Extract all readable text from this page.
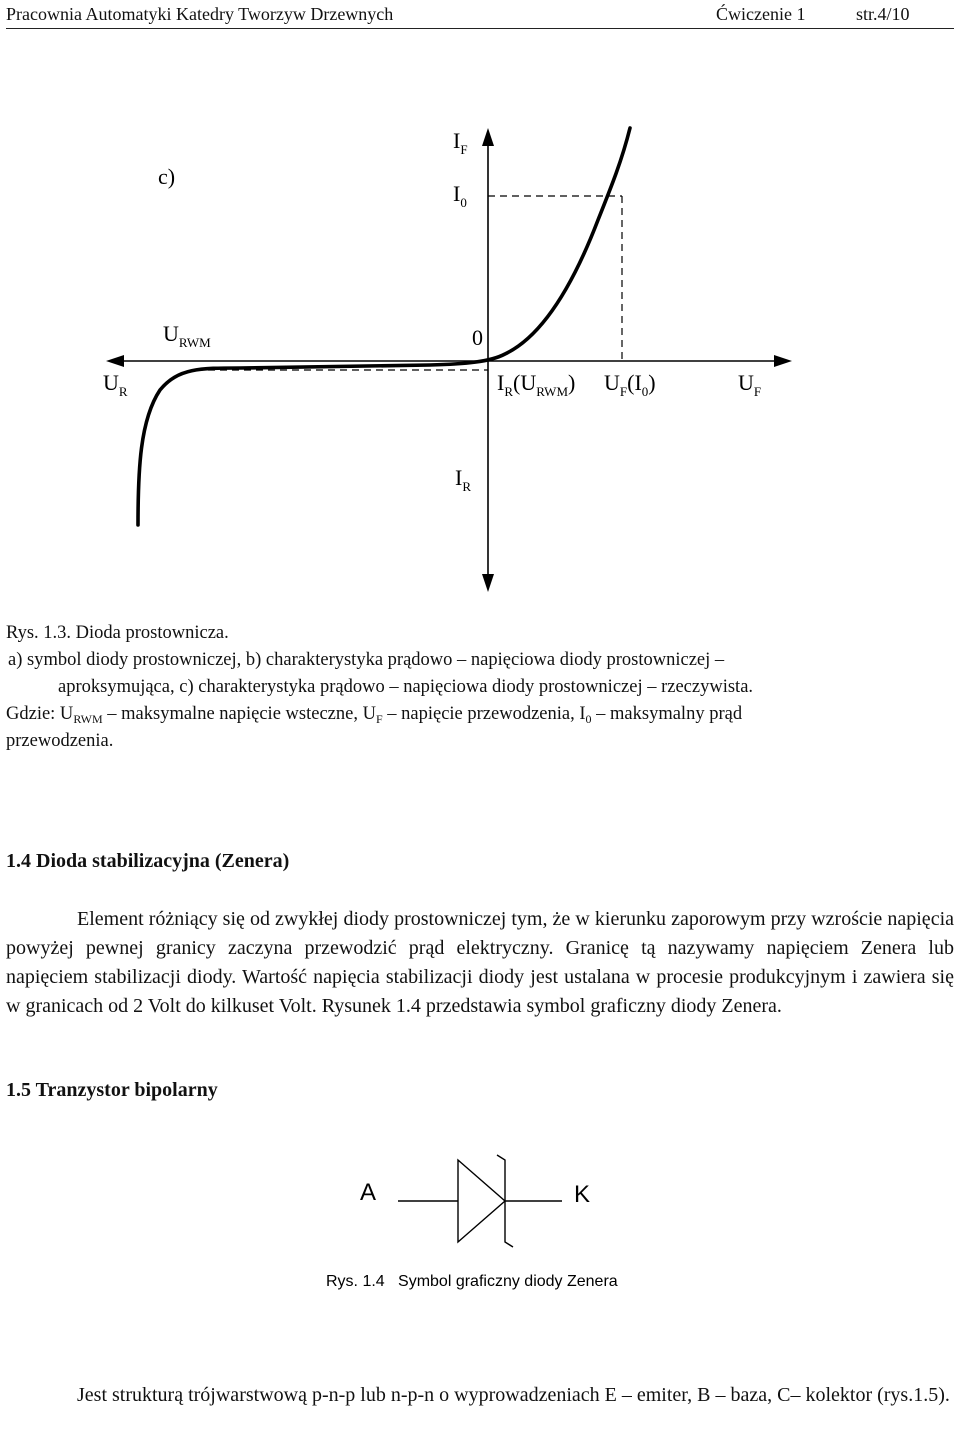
Pracownia Automatyki Katedry Tworzyw Drzewnych	Ćwiczenie 1	str.4/10
c)
$I_F$
$I_0$
$U_{RWM}$	0
$U_R$	$I_R(U_{RWM})$ $U_F(I_0)$	$U_F$
$I_R$
Rys. 1.3. Dioda prostownicza.
a) symbol diody prostowniczej, b) charakterystyka prądowo – napięciowa diody prostowniczej –
aproksymująca, c) charakterystyka prądowo – napięciowa diody prostowniczej – rzeczywista.
Gdzie: $U_{RWM}$ – maksymalne napięcie wsteczne, $U_F$ – napięcie przewodzenia, $I_0$ – maksymalny prąd
przewodzenia.
1.4 Dioda stabilizacyjna (Zenera)
Element różniący się od zwykłej diody prostowniczej tym, że w kierunku zaporowym przy wzroście napięcia powyżej pewnej granicy zaczyna przewodzić prąd elektryczny. Granicę tą nazywamy napięciem Zenera lub napięciem stabilizacji diody. Wartość napięcia stabilizacji diody jest ustalana w procesie produkcyjnym i zawiera się w granicach od 2 Volt do kilkuset Volt. Rysunek 1.4 przedstawia symbol graficzny diody Zenera.
1.5 Tranzystor bipolarny
A	K
Rys. 1.4   Symbol graficzny diody Zenera
Jest strukturą trójwarstwową p-n-p lub n-p-n o wyprowadzeniach E – emiter, B – baza, C– kolektor (rys.1.5).
